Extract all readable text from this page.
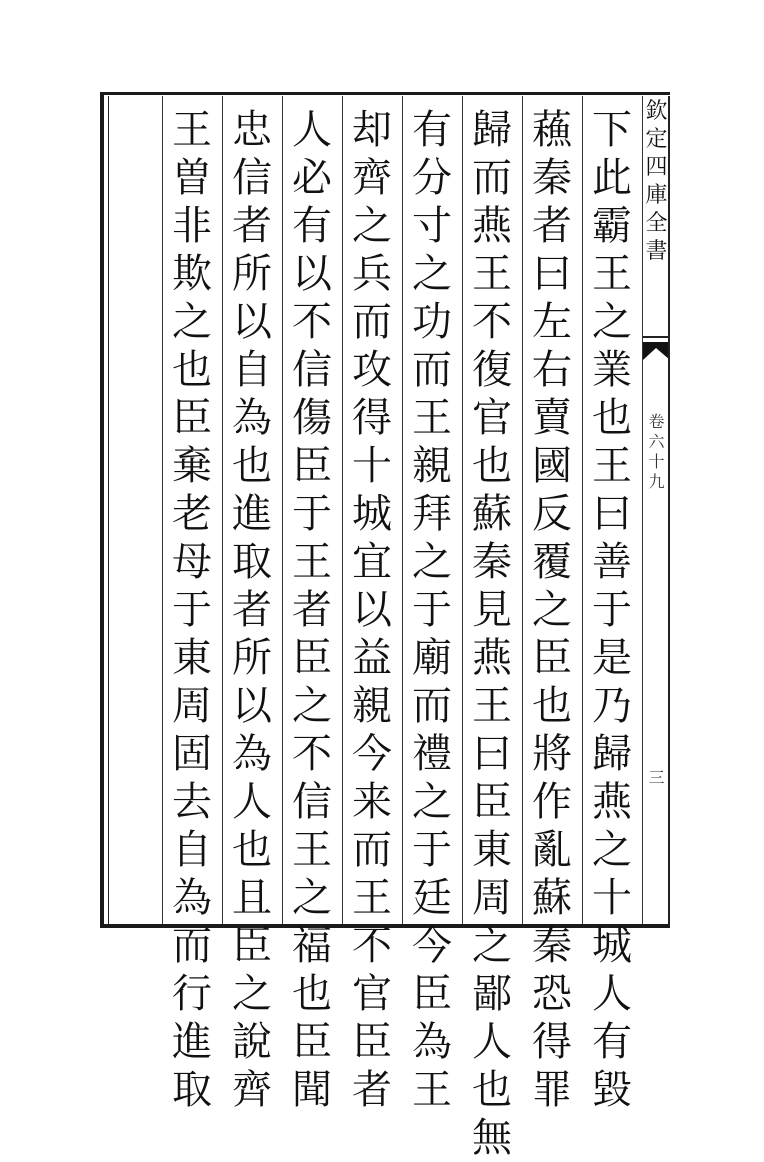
下
此
霸
王
之
業
也
王
曰
善
于
是
乃
歸
燕
之
十
城
人
有
毀
蘓
秦
者
曰
左
右
賣
國
反
覆
之
臣
也
將
作
亂
蘇
秦
恐
得
罪
歸
而
燕
王
不
復
官
也
蘇
秦
見
燕
王
曰
臣
東
周
之
鄙
人
也
無
有
分
寸
之
功
而
王
親
拜
之
于
廟
而
禮
之
于
廷
今
臣
為
王
却
齊
之
兵
而
攻
得
十
城
宜
以
益
親
今
来
而
王
不
官
臣
者
人
必
有
以
不
信
傷
臣
于
王
者
臣
之
不
信
王
之
福
也
臣
聞
忠
信
者
所
以
自
為
也
進
取
者
所
以
為
人
也
且
臣
之
說
齊
王
曽
非
欺
之
也
臣
棄
老
母
于
東
周
固
去
自
為
而
行
進
取
欽
定
四
庫
全
書
卷
六
十
九
三
